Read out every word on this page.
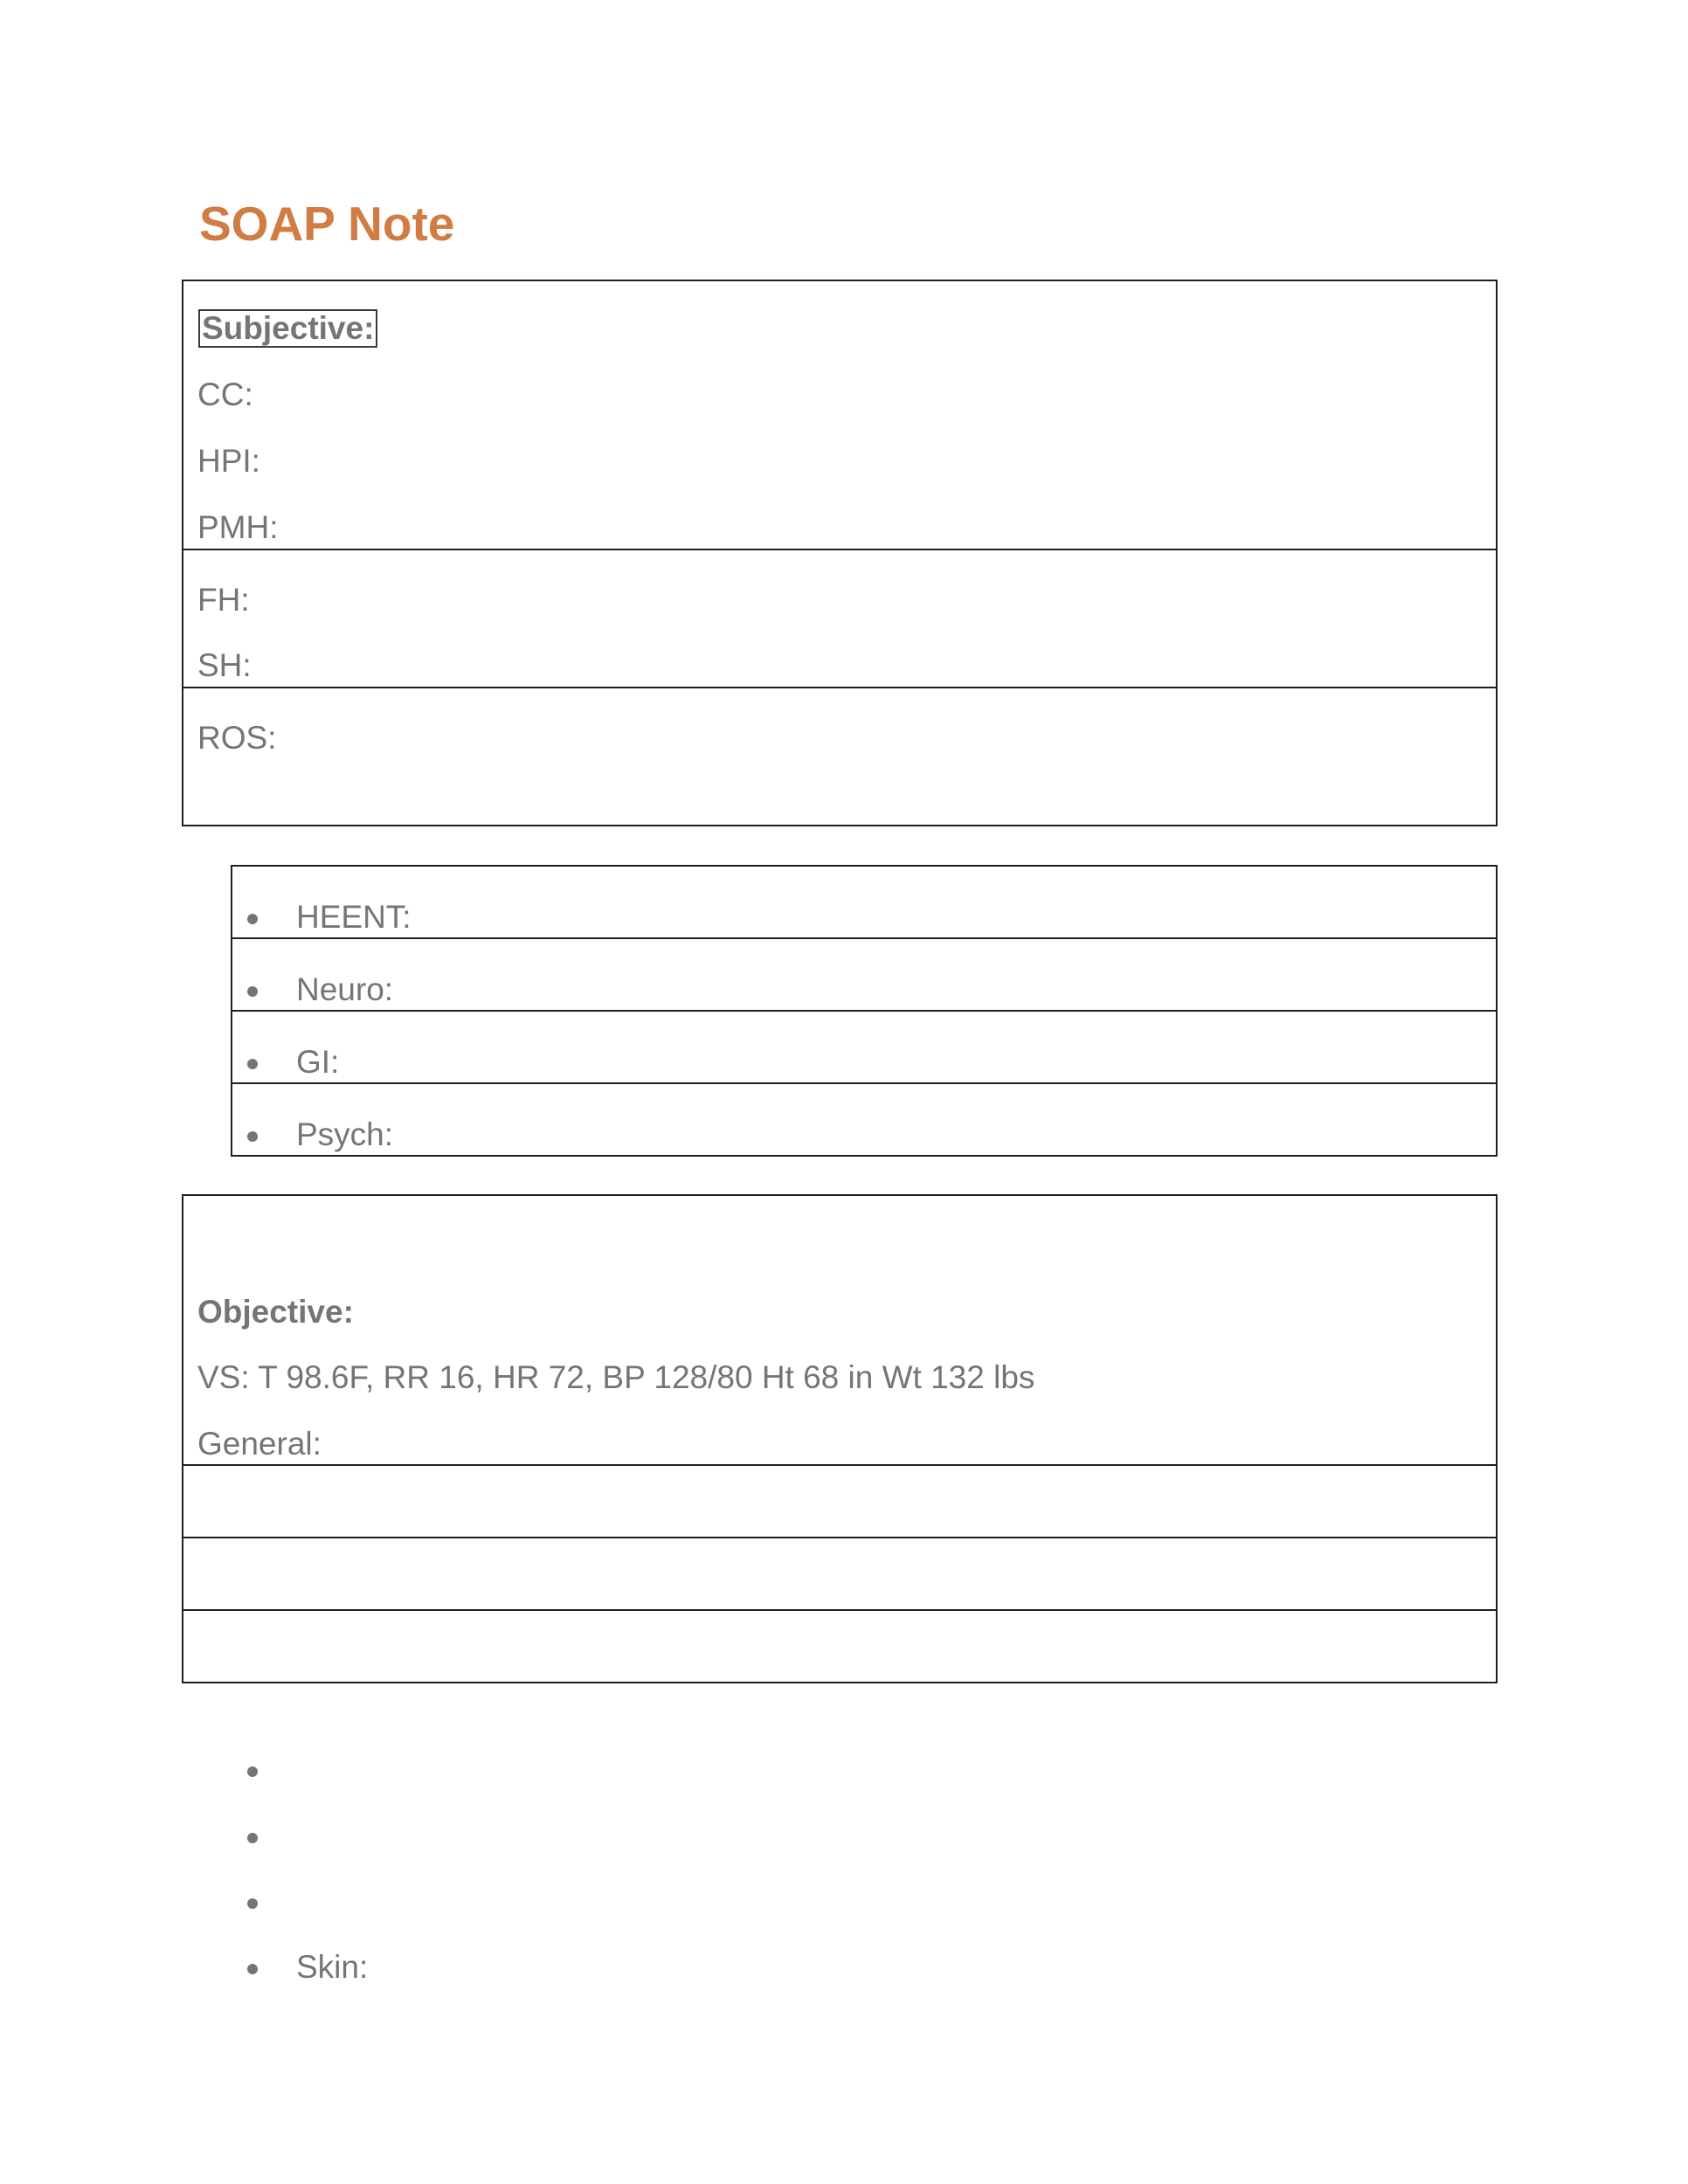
SOAP Note
Subjective:
CC:
HPI:
PMH:
FH:
SH:
ROS:
HEENT:
Neuro:
GI:
Psych:
Objective:
VS: T 98.6F, RR 16, HR 72, BP 128/80 Ht 68 in Wt 132 lbs
General:
Skin:
